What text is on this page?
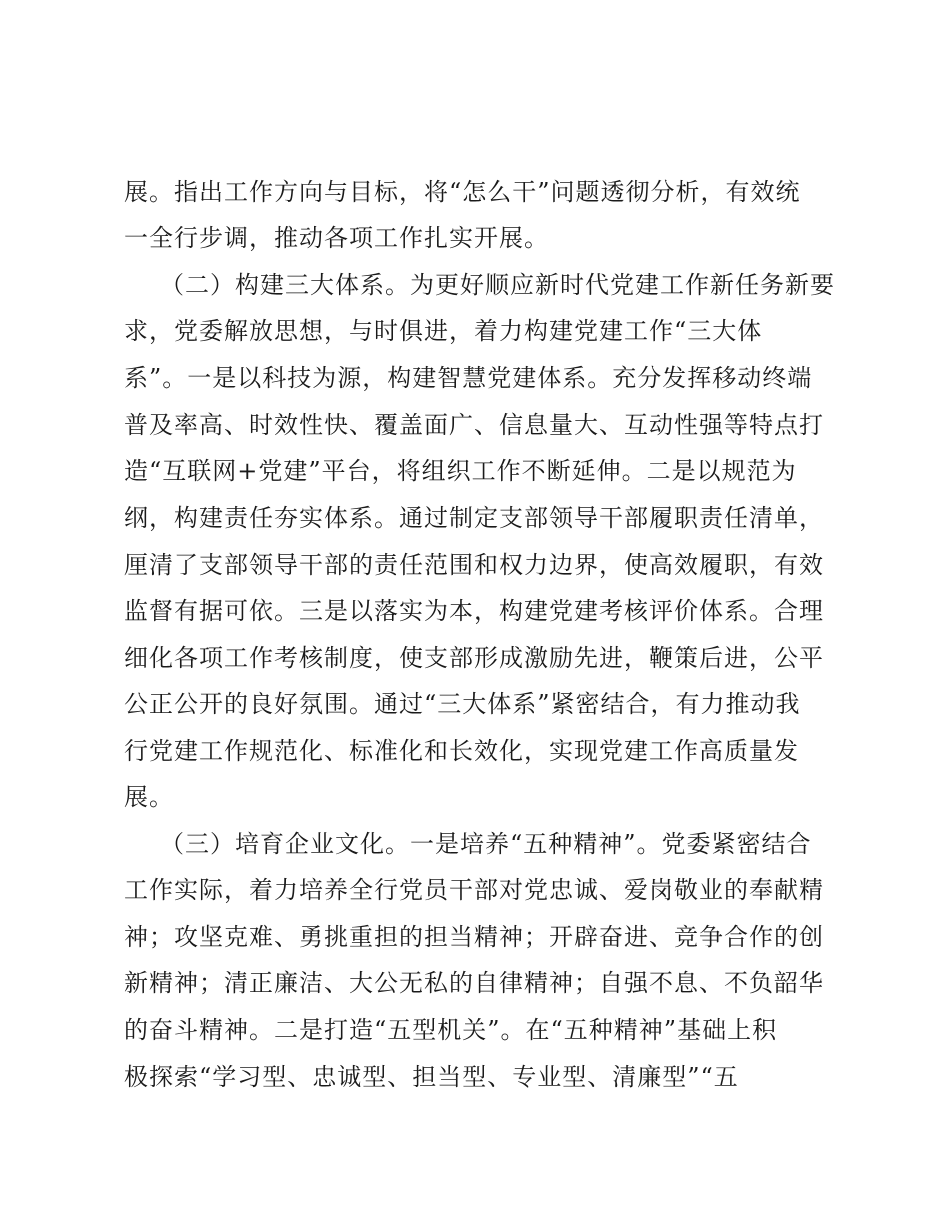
展。指出工作方向与目标，将“怎么干”问题透彻分析，有效统
一全行步调，推动各项工作扎实开展。
（二）构建三大体系。为更好顺应新时代党建工作新任务新要
求，党委解放思想，与时俱进，着力构建党建工作“三大体
系”。一是以科技为源，构建智慧党建体系。充分发挥移动终端
普及率高、时效性快、覆盖面广、信息量大、互动性强等特点打
造“互联网+党建”平台，将组织工作不断延伸。二是以规范为
纲，构建责任夯实体系。通过制定支部领导干部履职责任清单，
厘清了支部领导干部的责任范围和权力边界，使高效履职，有效
监督有据可依。三是以落实为本，构建党建考核评价体系。合理
细化各项工作考核制度，使支部形成激励先进，鞭策后进，公平
公正公开的良好氛围。通过“三大体系”紧密结合，有力推动我
行党建工作规范化、标准化和长效化，实现党建工作高质量发
展。
（三）培育企业文化。一是培养“五种精神”。党委紧密结合
工作实际，着力培养全行党员干部对党忠诚、爱岗敬业的奉献精
神；攻坚克难、勇挑重担的担当精神；开辟奋进、竞争合作的创
新精神；清正廉洁、大公无私的自律精神；自强不息、不负韶华
的奋斗精神。二是打造“五型机关”。在“五种精神”基础上积
极探索“学习型、忠诚型、担当型、专业型、清廉型”“五
